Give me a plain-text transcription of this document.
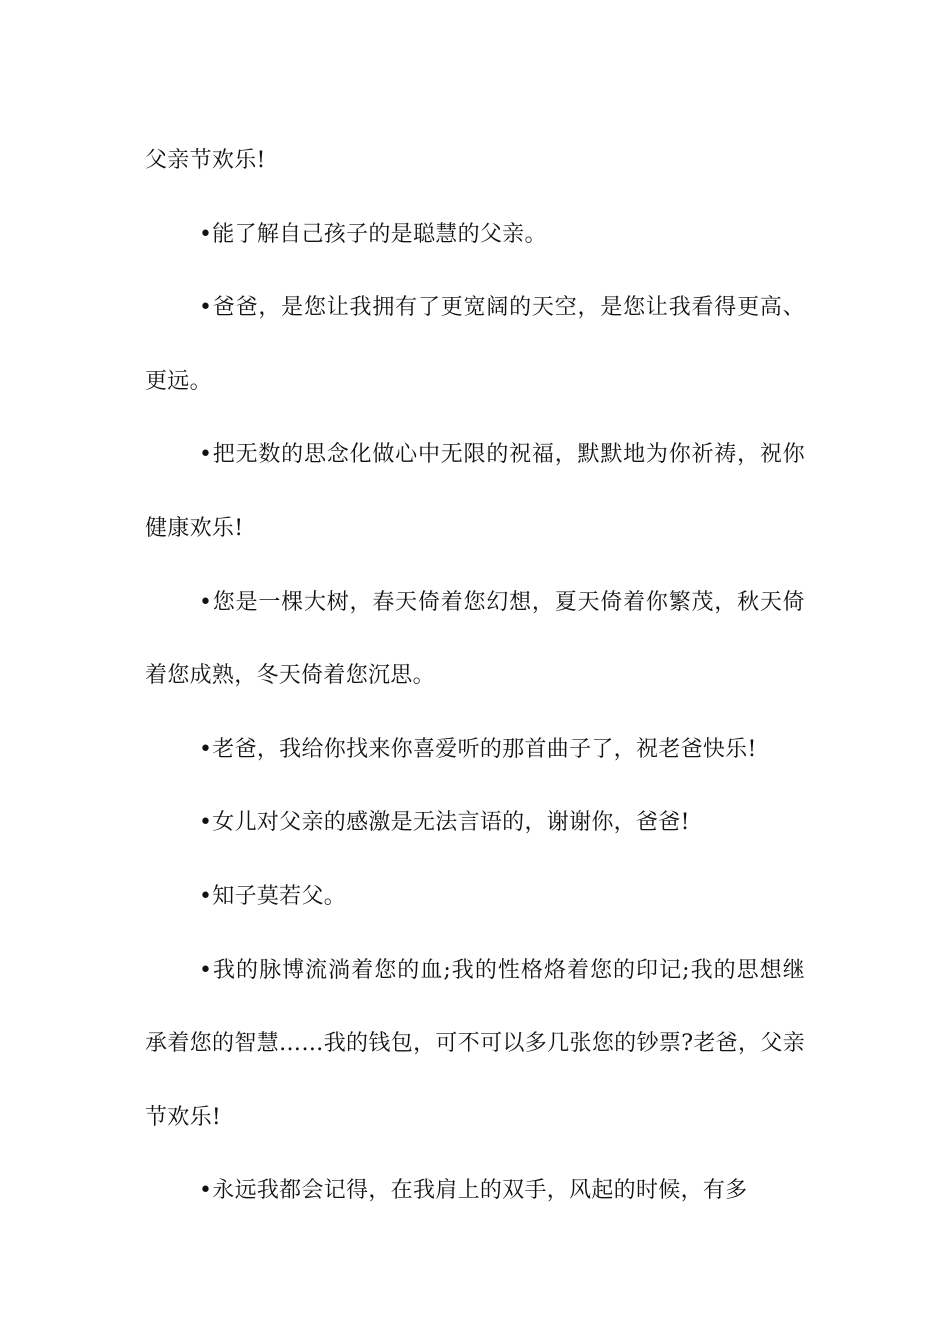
父亲节欢乐!

•能了解自己孩子的是聪慧的父亲。

•爸爸，是您让我拥有了更宽阔的天空，是您让我看得更高、更远。

•把无数的思念化做心中无限的祝福，默默地为你祈祷，祝你健康欢乐!

•您是一棵大树，春天倚着您幻想，夏天倚着你繁茂，秋天倚着您成熟，冬天倚着您沉思。

•老爸，我给你找来你喜爱听的那首曲子了，祝老爸快乐!

•女儿对父亲的感激是无法言语的，谢谢你，爸爸!

•知子莫若父。

•我的脉博流淌着您的血;我的性格烙着您的印记;我的思想继承着您的智慧……我的钱包，可不可以多几张您的钞票?老爸，父亲节欢乐!

•永远我都会记得，在我肩上的双手，风起的时候，有多
